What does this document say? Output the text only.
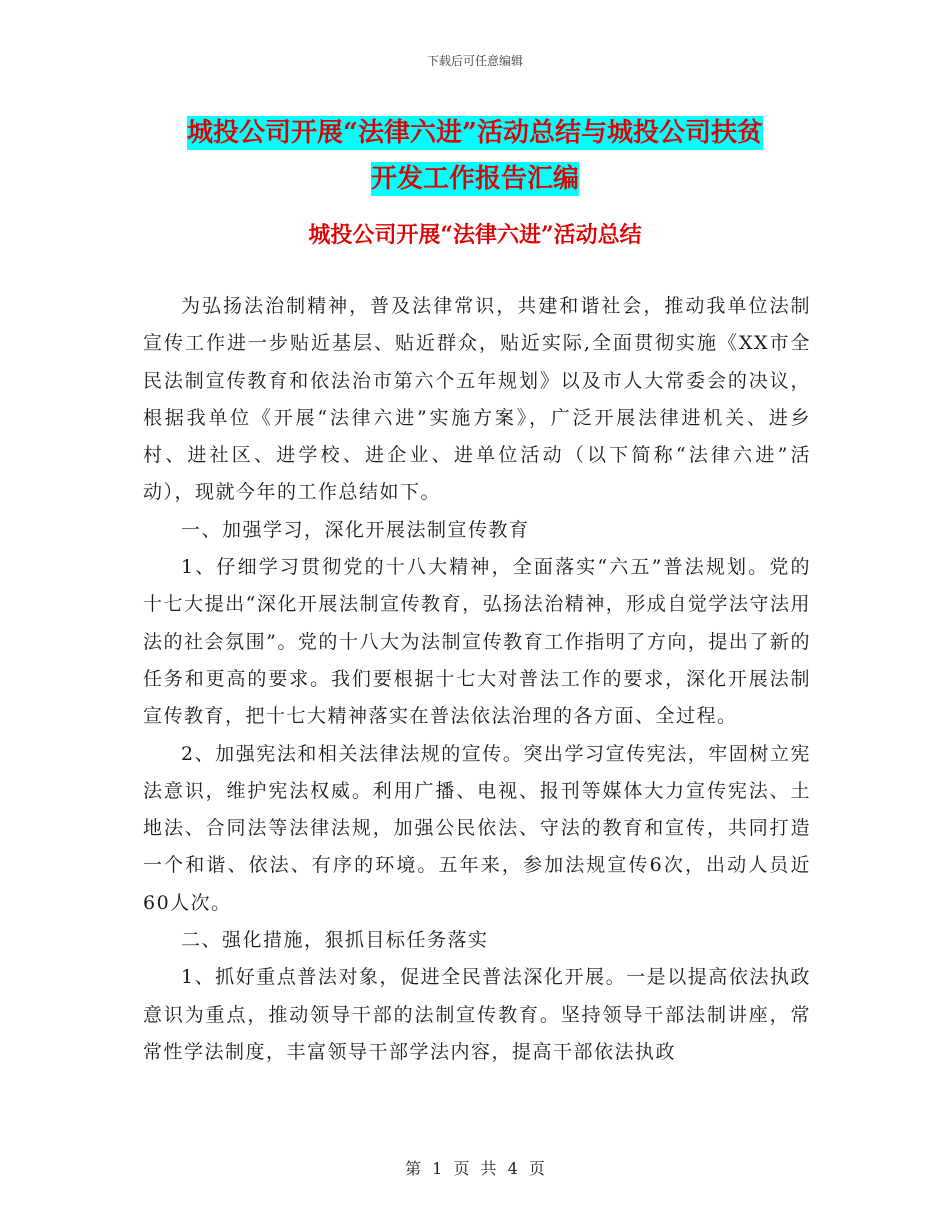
下载后可任意编辑
城投公司开展“法律六进”活动总结与城投公司扶贫
开发工作报告汇编
城投公司开展“法律六进”活动总结

为弘扬法治制精神，普及法律常识，共建和谐社会，推动我单位法制宣传工作进一步贴近基层、贴近群众，贴近实际,全面贯彻实施《XX市全民法制宣传教育和依法治市第六个五年规划》以及市人大常委会的决议，根据我单位《开展“法律六进”实施方案》，广泛开展法律进机关、进乡村、进社区、进学校、进企业、进单位活动（以下简称“法律六进”活动），现就今年的工作总结如下。

一、加强学习，深化开展法制宣传教育

1、仔细学习贯彻党的十八大精神，全面落实“六五”普法规划。党的十七大提出“深化开展法制宣传教育，弘扬法治精神，形成自觉学法守法用法的社会氛围”。党的十八大为法制宣传教育工作指明了方向，提出了新的任务和更高的要求。我们要根据十七大对普法工作的要求，深化开展法制宣传教育，把十七大精神落实在普法依法治理的各方面、全过程。

2、加强宪法和相关法律法规的宣传。突出学习宣传宪法，牢固树立宪法意识，维护宪法权威。利用广播、电视、报刊等媒体大力宣传宪法、土地法、合同法等法律法规，加强公民依法、守法的教育和宣传，共同打造一个和谐、依法、有序的环境。五年来，参加法规宣传6次，出动人员近60人次。

二、强化措施，狠抓目标任务落实

1、抓好重点普法对象，促进全民普法深化开展。一是以提高依法执政意识为重点，推动领导干部的法制宣传教育。坚持领导干部法制讲座，常常性学法制度，丰富领导干部学法内容，提高干部依法执政

第 1 页 共 4 页
